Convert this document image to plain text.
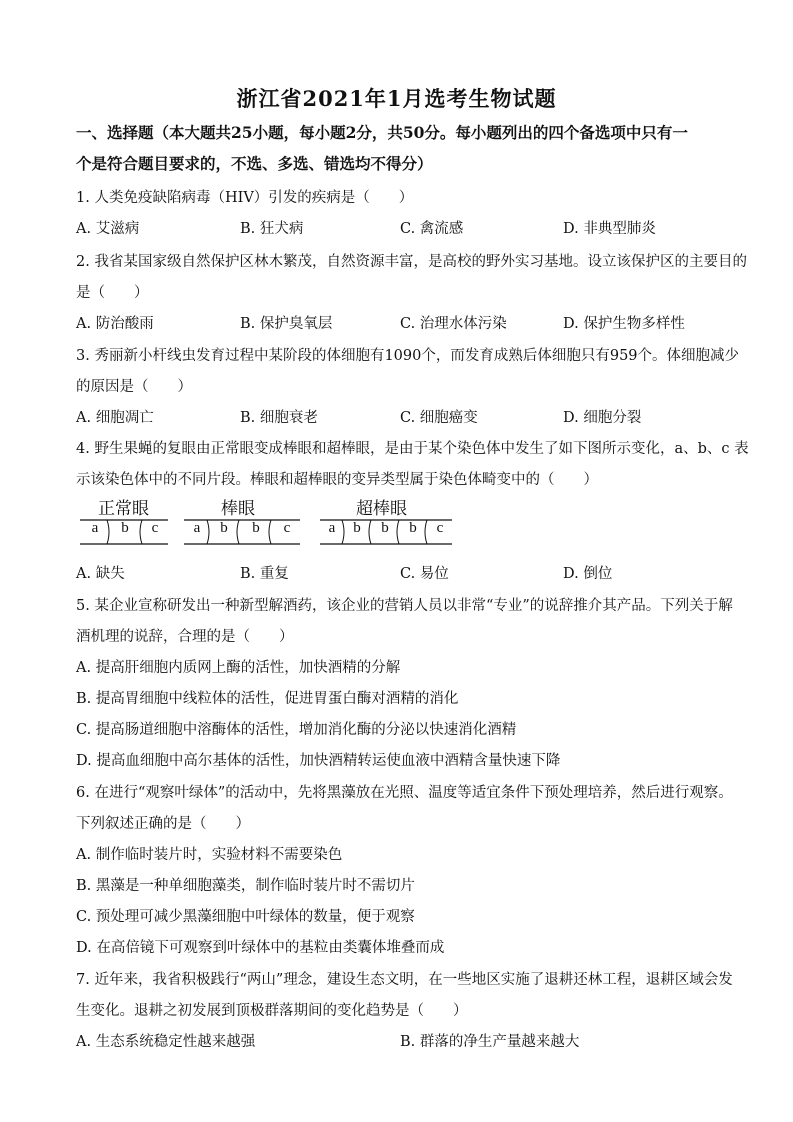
浙江省2021年1月选考生物试题
一、选择题（本大题共25小题，每小题2分，共50分。每小题列出的四个备选项中只有一
个是符合题目要求的，不选、多选、错选均不得分）
1. 人类免疫缺陷病毒（HIV）引发的疾病是（　　）
A. 艾滋病	B. 狂犬病	C. 禽流感	D. 非典型肺炎
2. 我省某国家级自然保护区林木繁茂，自然资源丰富，是高校的野外实习基地。设立该保护区的主要目的
是（　　）
A. 防治酸雨	B. 保护臭氧层	C. 治理水体污染	D. 保护生物多样性
3. 秀丽新小杆线虫发育过程中某阶段的体细胞有1090个，而发育成熟后体细胞只有959个。体细胞减少
的原因是（　　）
A. 细胞凋亡	B. 细胞衰老	C. 细胞癌变	D. 细胞分裂
4. 野生果蝇的复眼由正常眼变成棒眼和超棒眼，是由于某个染色体中发生了如下图所示变化，a、b、c 表
示该染色体中的不同片段。棒眼和超棒眼的变异类型属于染色体畸变中的（　　）
正常眼
a	b	c
棒眼
a	b	b	c
超棒眼
a	b	b	b	c
A. 缺失	B. 重复	C. 易位	D. 倒位
5. 某企业宣称研发出一种新型解酒药，该企业的营销人员以非常“专业”的说辞推介其产品。下列关于解
酒机理的说辞，合理的是（　　）
A. 提高肝细胞内质网上酶的活性，加快酒精的分解
B. 提高胃细胞中线粒体的活性，促进胃蛋白酶对酒精的消化
C. 提高肠道细胞中溶酶体的活性，增加消化酶的分泌以快速消化酒精
D. 提高血细胞中高尔基体的活性，加快酒精转运使血液中酒精含量快速下降
6. 在进行“观察叶绿体”的活动中，先将黑藻放在光照、温度等适宜条件下预处理培养，然后进行观察。
下列叙述正确的是（　　）
A. 制作临时装片时，实验材料不需要染色
B. 黑藻是一种单细胞藻类，制作临时装片时不需切片
C. 预处理可减少黑藻细胞中叶绿体的数量，便于观察
D. 在高倍镜下可观察到叶绿体中的基粒由类囊体堆叠而成
7. 近年来，我省积极践行“两山”理念，建设生态文明，在一些地区实施了退耕还林工程，退耕区域会发
生变化。退耕之初发展到顶极群落期间的变化趋势是（　　）
A. 生态系统稳定性越来越强	B. 群落的净生产量越来越大
